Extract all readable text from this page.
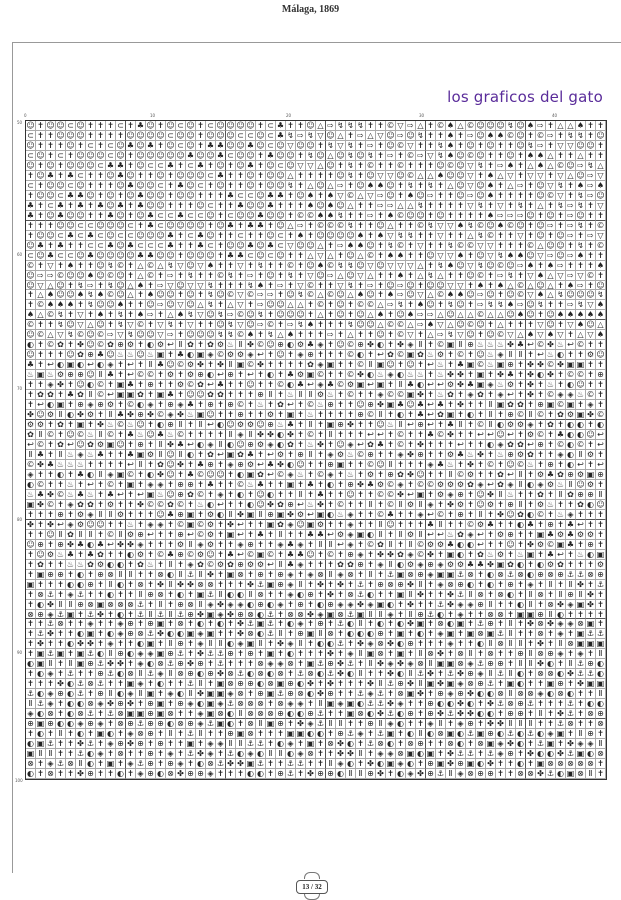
Málaga, 1869
los graficos del gato
0	10	20	30	40
50
60
70
80
90
100
☺ ✝ ☺ ☺ ⊂ ☺ ✝ ✝ ✝ ⊂ ✝ ♣ ☺ ✝ ☺ ⊂ ☺ ✝ ⊂ ☺ ☺ ☺ ☺ ✝ ⊂ ♣ ✝ ✝ ☺ △ ⇨ ↯ ↯ ↯ ✝ ✝ © ▽ ⇨ △ ✝ © ♠ △ © ☺ ☺ ☺ ↯ ☺ ♠ ⇨ ✝ △ △ ♠ ✝ ✝
⊂ ✝ ✝ ☺ ☺ ☺ ✝ ✝ ✝ ✝ ☺ ☺ ☺ ☺ ⊂ ☺ ☺ ✝ ☺ ☺ ☺ ⊂ ⊂ ☺ ⊂ ♣ ↯ ⇨ ↯ ▽ ☺ △ ✝ ⇨ △ ▽ ☺ ⇨ ☺ ↯ ✝ ✝ ♠ ✝ ⇨ ☺ ♠ ♠ © ☺ ✝ © ⇨ ✝ ↯ ↯ ✝ ☺
☺ ✝ ✝ ✝ ☺ ✝ ⊂ ✝ ⊂ ☺ ♣ ☺ ♣ ✝ ☺ ⊂ ☺ ✝ ♣ ♣ ☺ ☺ ♣ ☺ ⊂ ☺ ▽ ☺ ☺ ✝ ↯ ▽ ↯ ✝ ⇨ ✝ ☺ © ▽ ✝ ✝ ↯ ♠ ✝ ☺ ✝ ☺ ✝ ✝ ☺ ↯ ⇨ ✝ ▽ ▽ ☺ ☺ ✝
⊂ ☺ ✝ ⊂ ✝ ☺ ☺ ☺ ⊂ ☺ ✝ ☺ ☺ ☺ ☺ ☺ ♣ ☺ ☺ ♣ ⊂ ☺ ☺ ✝ ♣ ☺ ☺ ✝ ↯ ☺ △ ☺ ↯ ☺ ↯ ✝ ⇨ ✝ © ⇨ ▽ ↯ ♠ ☺ © ☺ ✝ ✝ ☺ ✝ ♠ ♠ △ ✝ ✝ △ ✝ ✝
☺ ✝ ☺ ✝ ☺ ☺ ☺ ⊂ ♣ ♣ ✝ ☺ ⊂ ⊂ ♣ ✝ ⊂ ♣ ✝ ☺ ✝ ☺ ♣ ✝ ☺ ⊂ ☺ ▽ ▽ △ ☺ ✝ ↯ ✝ © ✝ ✝ © ✝ ✝ ✝ ☺ © ☺ ▽ ↯ ✝ ⇨ ♠ ✝ △ ♠ △ © ☺ ⇨ ↯ △
✝ ☺ ♣ ✝ ♣ ⊂ ✝ ✝ ☺ ♣ ☺ ✝ ✝ ☺ ✝ ☺ ☺ ☺ ⊂ ♣ ✝ ✝ ☺ ✝ ☺ ☺ △ ✝ ✝ ✝ ✝ ☺ ↯ ✝ ☺ ▽ ▽ ☺ © △ △ ♠ ☺ ☺ ▽ ✝ ♠ △ ▽ ✝ ▽ ▽ ✝ ▽ △ ☺ ⇨ ▽
⊂ ✝ ☺ ☺ ⊂ ☺ ✝ ✝ ✝ ☺ ♣ ☺ ☺ ⊂ ✝ ♣ ☺ ⊂ ✝ ☺ ✝ ✝ ☺ ✝ ☺ ☺ ↯ ✝ △ ☺ △ ⇨ ✝ ☺ ♠ ♠ ☺ ✝ ↯ ✝ ↯ ✝ △ ☺ ▽ ☺ ♠ ✝ △ ⇨ ✝ ☺ ▽ ↯ ✝ ♠ ⇨ ♠
✝ ☺ ☺ ⊂ ♣ ♣ ☺ ✝ ☺ ✝ ☺ ♣ ☺ ☺ ✝ ☺ ☺ ✝ ✝ ✝ ♣ ⊂ ⊂ ☺ ♣ ♣ ✝ ☺ ♠ ✝ ♠ ▽ © △ ▽ ⇨ ☺ ✝ ♠ ☺ ⇨ ✝ ✝ ☺ ⇨ ☺ ♠ ✝ ✝ ✝ ✝ ☺ © ▽ ✝ ↯ ⇨ ☺
♣ ✝ ⊂ ♣ ✝ ♣ ✝ ♣ ☺ ♣ ✝ ♣ ☺ ☺ ✝ ✝ ✝ ☺ ⊂ ✝ ✝ ♣ ☺ ☺ ♣ ✝ ✝ ✝ ♠ ☺ ♠ ☺ △ ✝ ✝ ⇨ ⇨ △ △ ↯ ✝ ✝ ✝ ✝ ▽ ↯ ✝ ▽ ✝ ↯ ✝ △ ✝ ↯ ⇨ ↯ ✝ ▽
♣ ✝ ☺ ♣ ☺ ☺ ✝ ✝ ♣ ☺ ✝ ☺ ♣ ⊂ ⊂ ♣ ⊂ ⊂ ☺ ✝ ⊂ ☺ ☺ ♣ ☺ ☺ ✝ © © ♠ ♠ ↯ ✝ ✝ ⇨ ✝ ♠ © ☺ ☺ ✝ ☺ ✝ ✝ ✝ ✝ ♠ ⇨ ⇨ ⇨ ☺ ✝ ☺ ✝ ⇨ ☺ ✝ ✝
✝ ✝ ✝ ☺ ☺ ⊂ ⊂ ☺ ☺ ☺ ⊂ ✝ ♣ ⊂ ☺ ☺ ☺ ☺ ✝ ☺ ♣ ✝ ♣ ♣ ✝ ☺ △ ⇨ ✝ © © © ↯ ✝ ✝ ☺ △ ✝ ✝ © ↯ ▽ ▽ ♠ ↯ © ☺ ♠ © ☺ ✝ ☺ ⇨ ✝ ⇨ ↯ ✝ ©
✝ ☺ ☺ ⊂ ♣ ⊂ ♣ ⊂ ☺ ⊂ ⊂ ☺ ☺ ☺ ♣ ✝ ⊂ ♣ ☺ ✝ ✝ ⊂ ✝ ✝ ☺ ⊂ ✝ ♠ ✝ ☺ ☺ ☺ ☺ ♠ ✝ ♠ ▽ ↯ ↯ ✝ ✝ ▽ ✝ ✝ △ ↯ © ✝ ✝ ▽ ✝ ☺ ✝ ☺ ⇨ ✝ ⇨ ▽
☺ ♣ ✝ ♣ ✝ ✝ ⊂ ⊂ ♣ ☺ ♣ ⊂ ⊂ ⊂ ♣ ✝ ✝ ♣ ⊂ ✝ ☺ ☺ ♣ ☺ ♣ ⊂ ▽ ☺ ☺ △ ✝ ⇨ ♠ ♠ ☺ ✝ ↯ © ✝ ▽ ✝ ✝ ↯ © © ▽ ▽ ✝ ✝ ✝ © △ ☺ ☺ ✝ ↯ ✝ ©
⊂ ☺ ♣ ⊂ ⊂ ☺ ♣ ☺ ☺ ☺ ☺ ♣ ♣ ☺ ☺ ✝ ☺ ☺ ☺ ✝ ♣ ♣ ⊂ ☺ ⊂ ☺ ✝ ✝ △ ▽ △ ✝ ☺ △ © ✝ ♠ ♠ ✝ ✝ ☺ ▽ ▽ ♠ ✝ ☺ ▽ ↯ ♠ ♠ ☺ ▽ ⇨ ☺ ⇨ ♠ ✝ ✝
© ✝ ▽ ✝ ♠ ✝ ✝ ☺ ↯ © ✝ △ © △ ↯ ▽ ☺ ▽ ♠ ✝ ✝ ▽ ✝ ↯ ✝ ✝ © ✝ ☺ ♠ © ↯ ↯ ☺ ▽ ☺ ▽ ▽ ▽ △ ✝ ↯ ♠ ☺ ▽ ↯ ☺ © ☺ ⇨ ♠ ✝ ♠ ⇨ ✝ ✝ ✝ ♠
☺ ⇨ ⇨ © ☺ ☺ ♠ ☺ © ☺ ✝ △ © ✝ ⇨ ✝ ↯ ✝ ✝ © ↯ ✝ ⇨ ✝ ☺ ✝ ↯ ✝ ▽ ☺ ⇨ △ ☺ ▽ △ ✝ ✝ ♠ ✝ △ ↯ △ ✝ ✝ ☺ © ✝ ⇨ ↯ ✝ ▽ ♠ △ ▽ ⇨ ▽ © ✝
☺ ▽ △ ☺ ✝ ↯ ⇨ ✝ ↯ ☺ △ ♠ ✝ ⇨ ▽ ☺ ▽ ▽ ↯ ✝ ✝ ✝ ↯ ♠ ✝ ⇨ ✝ ▽ © ✝ ✝ ▽ ↯ ✝ ⇨ ✝ ☺ ⇨ ☺ ✝ ☺ ☺ ▽ ▽ ✝ ♠ ✝ ♠ △ © △ ☺ △ ✝ ♠ ⇨ ✝ ☺
✝ △ ♠ ☺ ☺ ♠ ↯ ♠ © ☺ △ ✝ ♠ ☺ ☺ ✝ ☺ ✝ ↯ ☺ © ▽ © ⇨ ⇨ ✝ ☺ ↯ © △ © ☺ △ ♠ ☺ ✝ ♠ ⇨ ☺ ▽ △ © ♠ ♠ ☺ ⇨ ☺ ✝ ☺ © ▽ ♠ △ ↯ ☺ ☺ ☺ ↯
✝ © ♠ ♠ ♠ ✝ ↯ ☺ ☺ ♠ ✝ ✝ ☺ ⇨ ☺ ▽ ☺ △ ↯ ✝ △ ▽ ✝ ⇨ ☺ ☺ △ △ ✝ © ✝ ☺ ✝ © © △ ⇨ ↯ ✝ ♠ ☺ ✝ ↯ ☺ ✝ ⇨ ↯ ↯ ♠ ⇨ ☺ ↯ ✝ ✝ ⇨ ↯ ▽ ♠
♠ △ © ↯ ✝ ▽ ✝ ♠ ✝ ↯ ✝ ♠ ⇨ ✝ △ ♠ ↯ ▽ ☺ ↯ ⇨ © ☺ ↯ ✝ ☺ ☺ ☺ ✝ △ ✝ ☺ ✝ ☺ △ ♠ ✝ ☺ ♠ ⇨ ⇨ △ ☺ △ △ © △ △ ☺ ♠ ☺ ✝ ☺ ♠ ♠ ♠ ♠ ♠
© ✝ ✝ ↯ ☺ ▽ △ ☺ ✝ ↯ ▽ © ✝ ▽ ↯ ✝ ▽ ✝ ✝ ☺ ↯ ▽ ☺ ⇨ © ✝ ⇨ ↯ ♠ ✝ ✝ ✝ ↯ ☺ ☺ △ © © △ ⇨ ♠ ▽ △ ☺ © ☺ ✝ △ ✝ ✝ ✝ ▽ ☺ ✝ ▽ ♠ ☺ △
☺ © △ ▽ ↯ © ☺ © ⇨ ▽ ↯ ☺ ☺ ▽ ⇨ ✝ ☺ ☺ ☺ ↯ ↯ © ♠ ✝ ↯ △ ♠ ✝ ✝ ✝ ⇨ ✝ △ ✝ ✝ ☺ ✝ © ▽ ✝ △ ⇨ ↯ ▽ ☺ ✝ ☺ © ▽ △ ♠ ▽ ♠ ▽ ✝ △ ▽ ♠
◐ ✝ © ✿ ✝ ✤ ☺ © ✿ ⊕ ⚙ ✝ ◐ ⚙ ↩ Ⅱ ✿ ✝ ✿ ⚙ ♨ Ⅱ ✤ © ☺ ⊕ ◐ ⚙ ♣ ◈ ✝ ☺ © ⊕ ✤ ◐ ✝ ✤ ◈ Ⅱ ✝ © ▣ Ⅱ ⊕ ♨ ♨ ♨ ✤ ♣ ↩ © ✤ ♨ ↩ © ✝ ✝
☺ ✝ ✝ ✝ ☺ ✿ ⊕ ♣ ☺ ♨ ♨ ☺ ♨ ▣ ✝ ♣ ◐ ▣ ◈ © ⚙ ⚙ ◈ ↩ ✝ ☺ ✝ ◈ ⊕ ✝ ✝ ✝ © ◐ ✝ ↩ ✿ © ▣ ✿ ♨ ⚙ ✝ © ✝ ☺ ♨ ◈ Ⅱ Ⅱ ✝ ↩ ♨ ◐ ✝ ✝ ⚙ ☺
♣ ✝ ↩ ◐ ▣ ◐ ↩ ◐ ◈ ✝ ↩ ✝ Ⅱ ♣ ☺ © ⚙ ✤ ✝ ✤ Ⅱ ▣ © ✤ ✝ ✝ ✝ ✝ ✿ ◈ ▣ ✝ ✝ © Ⅱ ▣ ☺ ✝ ☺ ✝ ↩ ♨ ✝ ♣ ▣ © ♨ ▣ ⊕ ✝ ✤ ✤ © ✤ ▣ ▣ ✝ ✝
♨ ▣ ♨ ⚙ ⊕ ⊕ ☺ Ⅱ ♣ ✝ ↩ © © ✝ ⚙ ✝ ⚙ ⊕ ◐ ↩ ⊕ ✝ ↩ ✝ ◐ ✝ ♣ ⚙ ▣ © ✝ ✝ © ✤ ◐ ♨ ◈ ◐ ♨ ♨ ✝ ♨ ✤ ✤ ✝ ▣ ✝ ✤ ♣ ✝ ✤ ◐ ✤ ✝ © © ✝ ⊕
✝ ✝ ◈ ✤ ✝ ☺ ◐ © ✝ ▣ ♣ ✝ ⊕ ✝ ✝ ⚙ © ✿ ↩ ♣ ✝ ✝ ☺ ✝ ✝ © ◐ ♣ ↩ ◈ ♣ © ⚙ ▣ ↩ ▣ ✝ Ⅱ ♣ ◐ ↩ ↩ ⚙ ✤ ♣ ▣ ◈ ♨ ⚙ ✝ ✤ ✝ ♨ ✝ ◐ ☺ ✝ ✝
✝ ✿ ✿ ✝ ♣ ✿ Ⅱ © ↩ ▣ ▣ ✿ ✝ ▣ ♣ ✝ ☺ ☺ ✿ ✿ ✝ ✝ ✝ ⊕ Ⅱ ✝ ♨ Ⅱ Ⅱ ⚙ ♨ ✝ © ✝ ✝ ◈ © © ▣ ✤ ✝ ♨ ✿ ✝ ◈ ✿ ✝ ◈ ↩ ✝ ✤ ✝ © ◈ ◈ ♨ © ✝
✝ ↩ ◐ ▣ ✝ ⊕ ◈ ⊕ ⚙ ✝ © ◐ ◈ ✝ ⊕ ◈ ♣ ✝ ⊕ ✝ ⊕ © ✝ ♨ ✝ ✿ ↩ ✝ © ♨ ⊕ ✝ ✝ ☺ ⊕ ✤ ▣ ♣ ☺ ♣ ↩ ♣ ✝ ✤ ✝ ✝ Ⅱ ▣ ✿ ✿ ✝ ⊕ ▣ © ▣ ✝ ◈ ✝
✤ ☺ ⚙ Ⅱ ◐ ✤ ⚙ ✝ Ⅱ ♣ ✤ ⊕ ✤ © ◈ ✤ ♨ ▣ ☺ ✝ ✝ ⊕ ✝ ✝ ⚙ ✝ ▣ ✝ ♨ ✝ ✝ ✝ ✝ ⊕ © Ⅱ ✝ ◐ ✝ ♣ ↩ ✿ ▣ ✝ ◐ ✝ Ⅱ ✝ ⊕ © Ⅱ © ✝ ✿ ⚙ ▣ ✤ ©
⚙ ⚙ ✝ ✿ ✝ ▣ ✝ ✤ ♨ © ♨ ☺ ✝ ◐ ⊕ Ⅱ ✝ Ⅱ ↩ ◐ ☺ ⚙ ⚙ ☺ ⊕ ♨ ♣ ✝ Ⅱ ✝ ▣ ⊕ ✤ ✝ ✝ ☺ ♨ Ⅱ ↩ ⊕ ↩ ✝ ♣ Ⅱ ✝ © Ⅱ ◐ ⚙ ⚙ ◈ ✝ ✿ ✝ ◐ ◐ ✝ ◐
✿ Ⅱ © ✝ ☺ © ♨ Ⅱ © ✝ ♣ ♨ ☺ ♣ ♨ © ✝ ✝ ✝ ✝ Ⅱ ◈ Ⅱ ✤ ✤ ◐ ✤ ✝ © ✝ Ⅱ ✝ ✝ ✝ ↩ ↩ ✝ © ✝ ✝ ♣ © ✤ ✝ ✝ ↩ ↩ ☺ ↩ ✝ ⚙ © ✝ ♣ ◐ ◐ ☺ ↩
↩ © ✝ ✿ ↩ ☺ ✿ ⚙ ▣ ☺ ✝ ⊕ ✝ Ⅱ ✤ ♣ ↩ ◐ ◈ Ⅱ ◐ ☺ ⊕ ⚙ ◈ ◐ ✿ ✝ ♨ ✤ ✝ ☺ ◈ ↩ ✿ ♣ ✝ © ✝ ✤ ✝ ✝ ✝ ↩ ✝ ✝ ◐ ◈ ✿ ✿ ↩ ⊕ ✝ © ◐ © ✝ ↩
Ⅱ ♣ ✝ Ⅱ ♨ ◈ ♨ ♣ ✝ ✝ ♣ ▣ ⚙ Ⅱ ☺ Ⅱ ◐ ✝ ✿ ↩ ▣ ✿ ♣ ✝ ↩ ⚙ ✝ ⊕ Ⅱ ✝ ◈ ⚙ ♨ © ⊕ ✝ ✝ ◈ ✤ ⊕ ✝ ✝ ⚙ ♣ ♨ ✤ ✝ ♨ ⊕ ⚙ ✿ ✝ ✝ ◈ ◐ Ⅱ ⚙ ✝
© ✤ ♣ ♨ ♨ ♨ ✝ ✝ ✝ ✝ ↩ Ⅱ ✝ ✿ ☺ ✤ ✝ ♣ ⊕ ✝ ◈ ⊕ ⚙ ↩ ♣ ✤ ◐ ☺ ✝ ✝ ⊕ ▣ ✝ ✝ © ☺ Ⅱ ✝ ✝ ✝ ◈ ♣ ♨ ✝ ✤ ✝ © ✝ ☺ © ♨ ✝ ⊕ ✝ ◐ ↩ ✝ ↩
◈ ✝ ✝ ◐ ✝ ♣ ◐ Ⅱ ◈ ▣ © ✝ ◐ ✤ ☺ ✝ ♣ © ☺ ☺ ✝ ◐ ▣ ✿ ↩ © ◈ ♨ ✝ © ◈ ✝ ♨ ✝ ⚙ ✝ ⊕ ✿ ✤ ☺ ✝ ✝ Ⅱ © ⚙ ✝ ✝ ✿ ↩ Ⅱ ✝ ⚙ ♣ ✿ ⊕ ⚙ ▣ ⊕
◐ © ✝ ✝ ♨ ✝ ↩ ✝ © ✝ ▣ ✝ ◈ ◈ ✝ ⊕ ⊕ ✝ ♣ ✝ ✝ © ♨ ♣ ✝ ✝ ▣ ✝ ♣ ✝ ◐ ✝ ⊕ ✤ ♣ ⚙ © ◈ ✝ © © ⚙ ⚙ ⚙ ✿ ◈ ↩ ✿ ◈ Ⅱ ◐ ◈ ⚙ ♨ Ⅱ ☺ ⚙ ✝
♨ ♣ ✤ © ♨ ♣ ♨ ✝ ♣ ↩ ✝ ↩ ▣ ♨ ☺ ⊕ ✿ © ✝ ◈ ✝ ◐ ✝ ☺ ◐ ✝ ✝ Ⅱ ✝ ♣ ✝ ✝ ☺ ✝ ✝ © © ✤ ↩ ▣ ✝ ⚙ ◈ ⊕ ✝ ☺ ✤ Ⅱ ♨ ✝ ✝ ✿ ✝ Ⅱ ✿ ⊕ ⊕ Ⅱ
▣ ✤ © ✝ ◈ ✿ ✿ ✝ ⚙ ✝ ✝ ✤ © © ✿ © ✝ ♨ ◐ ↩ ✝ ✝ ◐ ☺ ✤ ✿ ⊕ ↩ ♨ ✤ ✝ © ✝ ✝ Ⅱ ✝ © Ⅱ ⚙ Ⅱ ◈ ✝ ✤ ⚙ ✝ ☺ ⚙ ✝ ⊕ Ⅱ ✝ ⚙ ♨ ✝ ✝ ✿ ◐ ☺
✝ ✝ ✝ ⊕ ✝ ⚙ ◈ Ⅱ Ⅱ ⚙ ✝ ✝ ✝ ☺ ♣ ⊕ ▣ ✝ ⚙ ◐ Ⅱ ✤ ▣ Ⅱ ⊕ ▣ ✤ ⚙ ↩ ▣ ◐ ♨ ◈ ✝ ✝ © ♣ ✝ ✝ ◈ ↩ © ✝ ⊕ ✝ Ⅱ ✝ ✤ ☺ ✿ ◐ © ✝ ♨ ◈ ✝ ✝ ✝
✤ ✝ ✤ ↩ ◈ ⚙ ☺ ☺ ✝ ✝ ♨ ✝ ◈ ◈ ✝ © ▣ © ⚙ ✝ ✤ ↩ ✝ ✝ ▣ ✿ ◈ ☺ ▣ ⚙ ✝ ✝ ◈ ✝ ✝ Ⅱ ☺ ✝ ✝ ✝ ♣ Ⅱ ✝ ✝ © ⚙ ♣ ✝ ✝ ◐ ♣ ✝ ⊕ ✝ ♣ ↩ ✝ ✝
✝ ✝ ☺ Ⅱ ✿ Ⅱ Ⅱ ✝ © Ⅱ ⚙ ⊕ ↩ ✝ ✝ ⊕ ↩ © ⚙ ✝ ▣ ↩ ✝ ♣ ✝ Ⅱ ✝ ✝ ♣ ♣ ↩ ⚙ ◈ ▣ ◐ Ⅱ ✝ Ⅱ ⚙ Ⅱ ↩ ↩ ♨ ✿ ◈ ↩ ✝ ⚙ ⊕ ✝ ✝ ▣ ♣ ⚙ ♣ ⚙ ⚙ ✝
☺ ⊕ ✝ ⊕ ✤ ♣ ◐ ♣ ↩ ✤ ✤ ◈ ✝ ✝ ✝ ⚙ Ⅱ ◈ ⚙ ✝ ✝ ◈ ⊕ ✝ ✝ ◈ ♣ ◈ ✝ Ⅱ Ⅱ ↩ ◈ ✝ © ✿ Ⅱ ✝ Ⅱ © ⚙ ⚙ ♣ ◐ ◐ ↩ ✝ ✝ ☺ ✝ ✤ ⚙ © ▣ ♣ ✝ ⊕ ✝
✝ ☺ ⚙ ♨ ♣ ✝ ♣ ✿ ✝ ✝ ◐ ⚙ ✝ © ♣ ⊕ © ⚙ ☺ ✝ ♣ ↩ © ▣ © ✝ ♣ ♣ ☺ ✝ © ✝ ⊕ ◈ ✝ ✤ ✤ ✿ ◈ © ✤ ✝ ▣ ◐ ✝ ✿ ♨ ⚙ ✝ ♨ ▣ ✝ ♣ ↩ ✝ ♨ ◐ ▣
✝ ✿ ✝ ✝ ♨ ♨ ✿ ⚙ ◐ ◐ ✝ ✿ ♨ ✝ Ⅱ ✝ ◈ ✿ © ⚙ ✿ ⊕ ⚙ ⚙ ↩ Ⅱ ♣ ◈ ✝ ✝ ✝ ✿ ✿ ⊕ ✝ ◈ Ⅱ ◐ ⚙ ◈ ⊕ ◈ ⚙ ⚙ ♣ ♣ ✤ ▣ ✿ ◐ ✝ ◐ ⚙ ✿ ✝ ✝ ✝ ⚙
✝ ▣ ⊕ ⊕ ✝ ◐ ✝ ⊕ ⊗ Ⅱ Ⅱ ✝ ✝ ⊗ ◐ Ⅱ ⚓ Ⅱ ✤ ✝ ▣ ⊗ ✝ ⊕ ✝ ⊕ ◈ ✝ ◈ ⊗ Ⅱ ◈ ⊗ ✝ Ⅱ ✝ ⚓ ▣ ⊗ ⊕ ◈ ▣ ▣ ⚓ ⊗ ✝ ◐ ⊗ ⚓ ⊗ ◐ ⊕ ⊗ ⊕ ⚓ ⚓ ⊗ ⊕
▣ ✝ ✝ ✝ ◐ ◐ ⊕ ✝ Ⅱ ◐ ✝ ⊗ ✝ ✤ Ⅱ ✤ ✤ ⊗ ⊗ ✝ ✝ ✝ ✤ ⚓ ▣ ⊕ ◈ Ⅱ ✝ ✤ ✝ ✤ ✝ ⚓ ✝ ⊕ ⊗ ⊕ ✤ Ⅱ ✝ ◈ ⊗ ⊕ ◐ ✝ ◐ ✝ ⊕ ✝ ◈ ✝ Ⅱ ✝ Ⅱ ✤ ✝ ⚓
✝ ⊗ ⚓ ✝ ◈ ⚓ ✝ ✝ ◐ ✝ ✝ Ⅱ ⊕ ⊗ ✝ ◐ ✝ ▣ ⚓ Ⅱ ◐ ◐ Ⅱ ⊗ ✝ ✝ ◈ ◐ ⊕ ✝ ✤ ✝ ⊗ ⚓ ◐ ✝ ✝ ▣ Ⅱ ✤ ✝ ✝ ✤ ⚓ Ⅱ ⊗ ✝ ⊗ ◐ ✝ Ⅱ ⊗ ✝ Ⅱ ⊕ Ⅱ ✤ ✝
✝ ◐ ✤ Ⅱ Ⅱ ⊕ ⊗ ▣ ⊗ ⊗ ⊗ ⚓ ✝ Ⅱ ✝ ⊕ ⊗ Ⅱ ◈ ✤ ◈ ◈ ◐ ⊕ ◐ ◈ ✝ ⊕ ✝ ◐ ⊕ ◈ ◈ ✤ ◈ ▣ ◐ ✝ ✤ ✝ ✝ ⚓ ✤ ◈ ◈ ⊕ Ⅱ ✝ ✝ ◐ Ⅱ ✝ ⊗ ✤ ◈ ▣ ✤ ✝
⊗ ⊕ ◈ ⚓ ▣ ✝ ⚓ ✤ ✝ ◐ ✝ ⚓ Ⅱ ⚓ Ⅱ ⚓ ⊕ ✤ ▣ ◈ ✤ ⊕ ⊗ ◐ ⚓ ✝ ⊗ ⊗ ✤ ◈ ▣ ⊗ ⚓ ▣ Ⅱ Ⅱ ◈ ✝ Ⅱ ⊕ ⚓ ◐ ✝ ◈ ✝ ✝ ⊗ ⊗ ✝ ▣ ▣ ⊕ Ⅱ ◐ ✝ ✝ ✝ ✝
✝ ✝ ⚓ ⊗ ✝ ✝ ◈ ✝ ✝ ◈ ⊕ ✝ ⊕ ▣ ✝ ⊗ ✝ ◐ ✝ ◐ ✝ ✤ ⚓ ▣ ⚓ ✝ ◐ ◈ ✝ ⊕ ✝ ⚓ ◐ Ⅱ ✝ ◐ ✝ ◐ ✤ ▣ ✝ ⊗ ◐ ▣ ✝ ⚓ ⊕ ✝ Ⅱ ✝ ✤ ⊗ ✤ ◈ ◈ ⊗ ▣ ✝
✝ ⚓ ✤ ✝ ✝ ◐ ▣ ✝ ◐ ◈ ⊕ ⊗ ⚓ ✤ ◐ ◐ ▣ ◈ ▣ ✝ ✝ ✤ ⊗ ◐ ⚓ Ⅱ ✝ ⊕ ▣ Ⅱ ⊗ ✝ ◐ ◐ ◐ ⊕ ✝ ▣ ✝ ◐ ✝ ◈ ▣ ✝ ▣ ⊗ ▣ ⚓ Ⅱ ✝ ✝ ⊗ ✝ ◈ ✝ ▣ ⚓ ⚓
✝ ✤ ✝ ✝ ◐ ✤ ✤ ✝ ◈ ✝ ✝ ◐ ▣ ✝ Ⅱ ⊕ ✝ ◈ Ⅱ Ⅱ ◐ ◈ ▣ Ⅱ ✝ ✤ ◈ Ⅱ ✝ ◐ ◐ ⚓ ✝ ✤ ◈ ⊗ ✤ ◐ ⊕ ✝ ✝ ✝ ◈ ✝ ✝ ◐ Ⅱ ⊗ Ⅱ Ⅱ ✝ ✤ ✝ Ⅱ ⊗ ▣ ▣ ▣
✝ ▣ ⚓ ▣ ✝ ▣ ⚓ ◐ Ⅱ ⊕ ◐ ◈ ◈ ▣ ⊕ ⚓ ✝ ✤ ⚓ ⚓ ⊕ ✝ ⊕ ✝ ▣ ✝ ◐ ✝ ✝ ✝ ✤ ✝ ◈ Ⅱ ▣ ⊗ ✝ ▣ ✝ Ⅱ ⊗ ✤ ✝ ⊗ Ⅱ ✝ ⊗ ✝ ✝ ⊕ Ⅱ ⊗ ⊕ ◈ ✝ ◈ ✝ Ⅱ
◐ ▣ Ⅱ ✝ Ⅱ ▣ ⊕ ⚓ ✤ ✤ ✝ ◈ ◐ ⊗ ⚓ ⊕ ✤ ⊕ ✝ ⚓ ✝ ✝ ✝ ⊗ ◈ ◈ ⊗ ✝ ▣ ⚓ ⊕ ✤ ⚓ ✝ Ⅱ ✤ ◈ ✤ ◈ ⊗ Ⅱ ▣ ▣ ⊗ ◈ ⚓ ⊕ ⊕ ✝ Ⅱ Ⅱ ✤ ◐ ✝ Ⅱ ⚓ ⊕ ◐
✝ ◐ ◈ ✝ ⚓ ✝ ✝ ⊕ ⚓ ◐ ⊗ Ⅱ ⚓ ◈ Ⅱ ⊗ ⊕ ◐ ⊕ ✤ ⊗ ⚓ ◐ ⊗ ◐ ⊗ ✝ ⚓ ⊗ ◐ ⚓ ✤ ◐ Ⅱ ✝ ✝ ✤ ◐ Ⅱ ⚓ ✤ ✝ ⚓ ✤ ⊕ ◈ Ⅱ ⚓ Ⅱ ◐ ✝ ⊗ ⊗ ◐ ✤ ⚓ ⚓ ◐
✝ ✝ ✝ ✤ ◐ ⚓ ⊗ ⚓ ✝ ✝ ▣ ◈ ✝ ◐ ✝ ✝ ⚓ Ⅱ ✝ ▣ ⊗ ⊕ ⊕ ◐ ⊗ ▣ ⊕ ◐ ✤ ✝ ✤ ✝ ✝ ✝ ✤ Ⅱ ⚓ ⊕ ✤ Ⅱ ▣ ✤ ▣ ◈ ⊗ ⊕ ⚓ ✝ ▣ ◐ ✝ ✝ ▣ ⊕ ✝ ✤ ▣ ▣
⚓ ◐ ◈ ⊕ ◐ ⚓ ✝ ⊕ Ⅱ ◐ ◈ Ⅱ ▣ ✝ ◈ ◐ Ⅱ ✤ ▣ ▣ ◈ ⊗ ✝ ⊕ ▣ ⚓ ⊕ ⊗ ◐ ✤ ⊕ ✝ ✝ ⚓ ◈ ⚓ ✝ ⊗ ▣ ✤ ✝ ⊕ ◈ ⊕ ✤ ◐ ◐ ⊗ Ⅱ ⊗ ⊗ ◈ ◐ ⊗ ◐ ✝ ✝ Ⅱ
Ⅱ ⚓ ◈ ✝ ◐ ◐ ⊗ ◈ ✤ ⊕ ✤ ✝ ⊕ ▣ ✝ ⊕ ◈ ◐ ▣ ◈ ⚓ ⊗ ⊗ ⊗ ✝ ⊗ ◈ ◈ ✝ Ⅱ ▣ ◈ ▣ ◐ ⚓ ⚓ ✤ ◈ ✝ ✝ ⊕ ◐ ◐ ✤ ◐ ✝ ✤ ⚓ ⊗ ⊕ ⚓ ✝ ✝ ✝ ⚓ ✝ ◐ ◐
◈ ◐ ⊗ ✝ ◐ ⊗ ⚓ ✝ ⚓ ⊗ ▣ ▣ ⊕ ▣ ⊗ ✝ ✝ ◈ ▣ ⊗ ◐ Ⅱ ⊗ ⊗ ⊗ ⊕ ◐ ◐ ⊕ ⚓ ✝ ✝ ▣ ⊗ ◐ ✤ ⚓ ◐ ⊕ ✝ ⊕ ✤ ⚓ ✤ ✤ ◐ ◐ ✝ ⊕ ⊕ ✝ Ⅱ ✝ ✤ ⚓ ✝ ⊗ ⊕
⊕ ▣ ⊕ ◐ ◐ ◈ ⊕ ◈ ✝ ⊗ ⊕ ⚓ ⊕ ⊕ ◐ ⊗ ⊕ ◈ ⚓ ▣ ◐ ✝ ⊗ Ⅱ ▣ ⊕ ✝ ✤ ◈ ⚓ Ⅱ Ⅱ ✝ ✝ ⊕ Ⅱ ◈ ◐ ✝ ✝ ◈ Ⅱ ✝ ◈ ⊕ ✝ ✤ ✤ Ⅱ Ⅱ Ⅱ ✝ ✝ ⚓ ⊗ ✝ ✝ ⊗
✝ ◐ ✝ Ⅱ ✝ ◐ ✝ ▣ ◐ ✝ ◈ ⊗ ⊕ ✝ Ⅱ ✝ ⚓ Ⅱ ✝ ✝ ⊕ ▣ ⊗ ✝ ✝ ✝ ▣ ▣ ◐ ◐ ✝ ⊕ ⚓ ◈ ✝ ⚓ ▣ ✝ ◐ Ⅱ ◐ ⊗ ▣ ◐ ⚓ ▣ ⊕ ◐ ⚓ ◐ ⚓ ◐ ◈ ▣ ✝ Ⅱ ⊕ ✝
◐ ▣ ⚓ ✝ ✝ ✤ ⚓ ✝ ◈ ⊕ ✤ ⊕ ✝ ⊕ ✝ ✝ ▣ ✝ ◈ ◈ Ⅱ Ⅱ ⚓ ⚓ ✝ ◐ ◈ ✝ ▣ ✝ ⊗ ✤ ◐ ✝ ⚓ ⊗ ◐ ✝ ⊗ ⊕ ✝ ✝ ⊗ ◐ ✝ ⊗ ▣ ◈ ✤ ◐ ✝ ⚓ ▣ ✝ ✤ ◈ ◈ Ⅱ
▣ Ⅱ Ⅱ ✝ ✝ ⚓ ◐ ◈ ✝ ⊗ ✝ ✝ ⊕ ✝ ◈ ✝ ⚓ ✤ ◈ ✝ ⚓ ◐ ◈ ◐ Ⅱ Ⅱ ◐ ◈ ⊗ ✝ ✝ ✤ ✤ Ⅱ ✝ ◈ ◈ ⊗ ▣ ◐ ▣ ✝ ✤ ⚓ ⚓ ✝ ⚓ ◈ ⊕ ✝ ✤ ◐ ◐ ✤ ⚓ ▣ ◐ ⊗
⊗ ✝ ◈ ⚓ ⊗ Ⅱ ◐ ✝ ▣ ✝ ◈ ⚓ ⊕ ✝ ⊕ ◈ ✝ ◐ ⊗ ⚓ ✤ ✤ ▣ ⚓ ✝ ✝ ⚓ ⚓ ✝ ✝ Ⅱ ◈ ◐ ✝ ✤ ◐ ▣ ◈ ◐ ✝ ⊕ ▣ ✤ ⊕ ▣ ◐ ✤ ✝ ✝ ◐ ✝ ▣ ⊗ ⊗ ⊗ ⊗ ⊗ ✝
◐ ✝ ⊗ ✝ ✝ ✤ ⊕ ✝ ✝ ◐ ✝ ◈ ⊕ ◐ ⊗ ✤ ⊕ ⊕ ◈ ✝ ✝ ✝ ◐ ◐ ✝ ⊕ ⚓ ✝ ✤ ⊕ ⊕ ◐ Ⅱ Ⅱ ⊕ ✤ ✝ ◐ ◈ ✤ ⊕ ⚓ Ⅱ ◈ ⊗ ⊕ ⊕ ✝ ✝ ⊗ ⊗ ✤ ⚓ ◐ ▣ ⊗ Ⅱ ✝
13 / 32
